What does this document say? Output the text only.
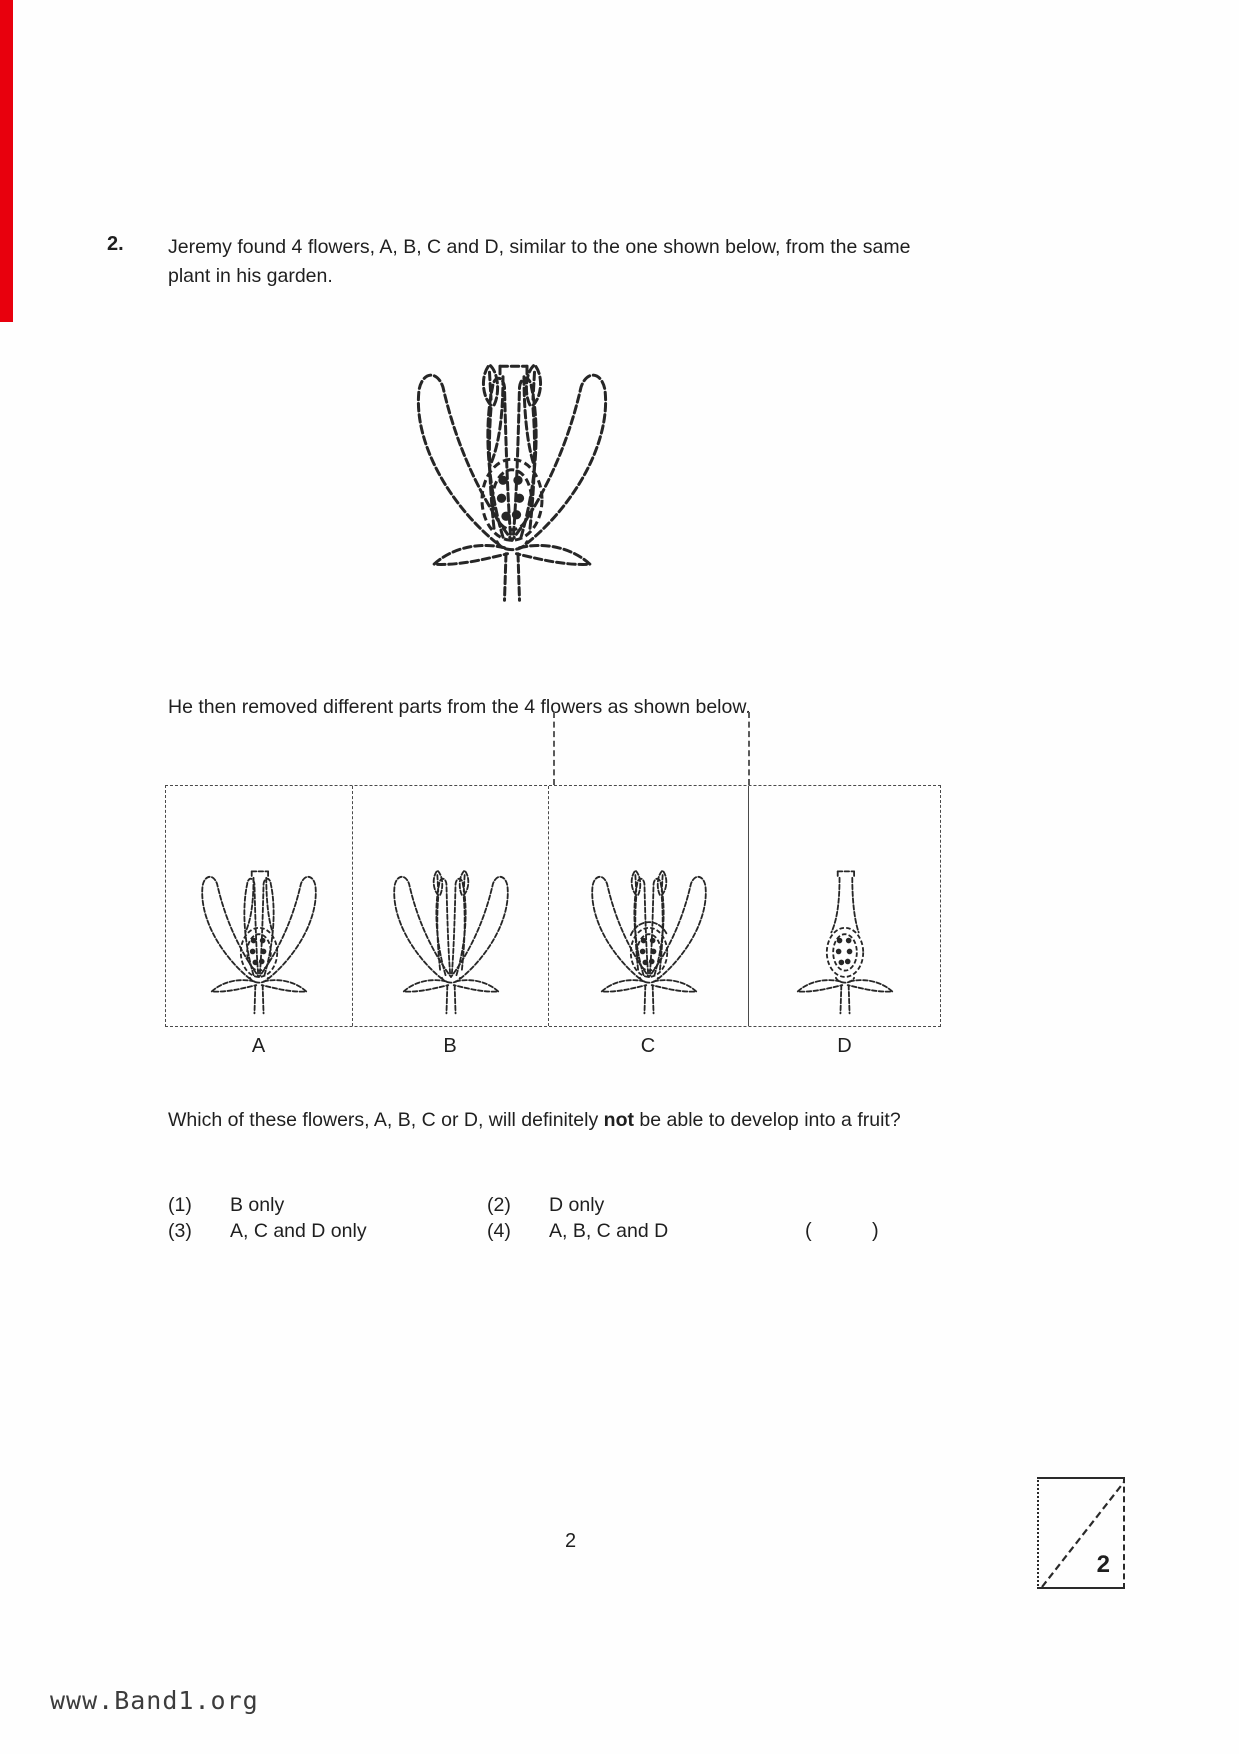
2. Jeremy found 4 flowers, A, B, C and D, similar to the one shown below, from the same plant in his garden.
He then removed different parts from the 4 flowers as shown below.
A	B	C	D
Which of these flowers, A, B, C or D, will definitely not be able to develop into a fruit?
(1)	B only	(2)	D only
(3)	A, C and D only	(4)	A, B, C and D	(	)
2
2
www.Band1.org
